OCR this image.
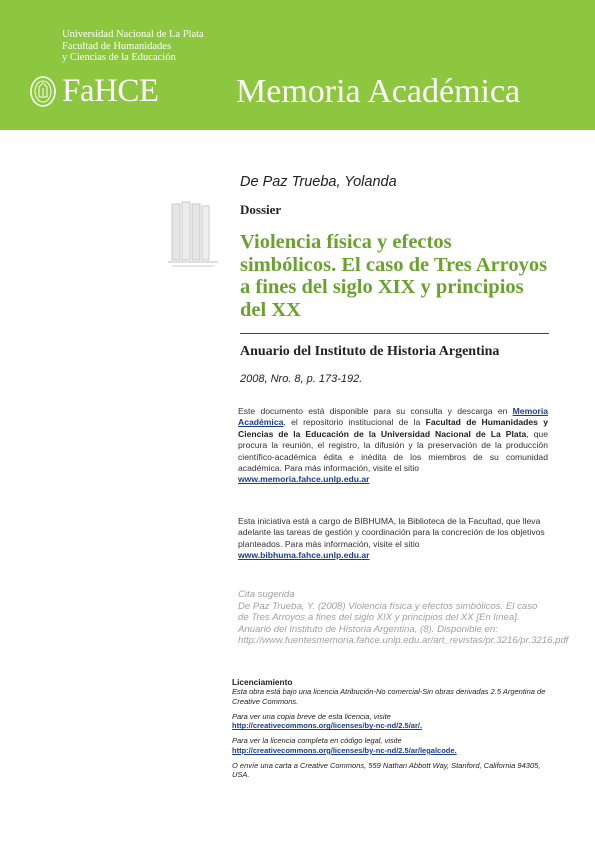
Universidad Nacional de La Plata
Facultad de Humanidades
y Ciencias de la Educación
FaHCE Memoria Académica
De Paz Trueba, Yolanda
Dossier
Violencia física y efectos simbólicos. El caso de Tres Arroyos a fines del siglo XIX y principios del XX
Anuario del Instituto de Historia Argentina
2008, Nro. 8, p. 173-192.
Este documento está disponible para su consulta y descarga en Memoria Académica, el repositorio institucional de la Facultad de Humanidades y Ciencias de la Educación de la Universidad Nacional de La Plata, que procura la reunión, el registro, la difusión y la preservación de la producción científico-académica édita e inédita de los miembros de su comunidad académica. Para más información, visite el sitio
www.memoria.fahce.unlp.edu.ar
Esta iniciativa está a cargo de BIBHUMA, la Biblioteca de la Facultad, que lleva adelante las tareas de gestión y coordinación para la concreción de los objetivos planteados. Para más información, visite el sitio
www.bibhuma.fahce.unlp.edu.ar
Cita sugerida
De Paz Trueba, Y. (2008) Violencia física y efectos simbólicos. El caso de Tres Arroyos a fines del siglo XIX y principios del XX [En línea]. Anuario del Instituto de Historia Argentina, (8). Disponible en: http://www.fuentesmemoria.fahce.unlp.edu.ar/art_revistas/pr.3216/pr.3216.pdf
Licenciamiento
Esta obra está bajo una licencia Atribución-No comercial-Sin obras derivadas 2.5 Argentina de Creative Commons.
Para ver una copia breve de esta licencia, visite
http://creativecommons.org/licenses/by-nc-nd/2.5/ar/.
Para ver la licencia completa en código legal, visite
http://creativecommons.org/licenses/by-nc-nd/2.5/ar/legalcode.
O envíe una carta a Creative Commons, 559 Nathan Abbott Way, Stanford, California 94305, USA.
